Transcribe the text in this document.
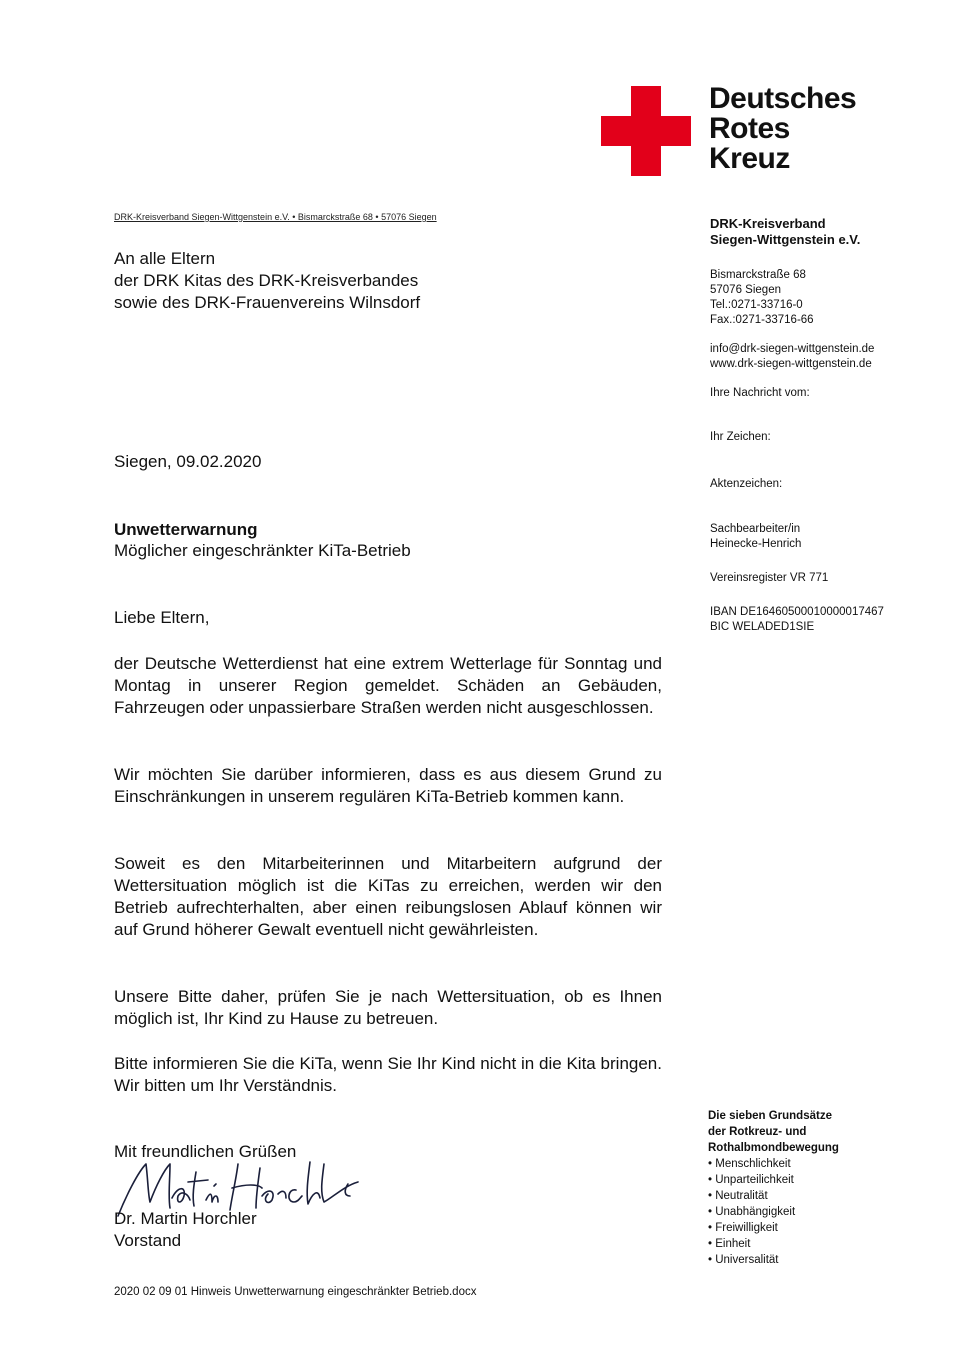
Deutsches
Rotes
Kreuz
DRK-Kreisverband Siegen-Wittgenstein e.V. • Bismarckstraße 68 • 57076 Siegen
An alle Eltern
der DRK Kitas des DRK-Kreisverbandes
sowie des DRK-Frauenvereins Wilnsdorf
DRK-Kreisverband
Siegen-Wittgenstein e.V.
Bismarckstraße 68
57076 Siegen
Tel.:0271-33716-0
Fax.:0271-33716-66
info@drk-siegen-wittgenstein.de
www.drk-siegen-wittgenstein.de
Ihre Nachricht vom:
Ihr Zeichen:
Aktenzeichen:
Sachbearbeiter/in
Heinecke-Henrich
Vereinsregister VR 771
IBAN DE16460500010000017467
BIC WELADED1SIE
Siegen, 09.02.2020
Unwetterwarnung
Möglicher eingeschränkter KiTa-Betrieb
Liebe Eltern,
der Deutsche Wetterdienst hat eine extrem Wetterlage für Sonntag und Montag in unserer Region gemeldet. Schäden an Gebäuden, Fahrzeugen oder unpassierbare Straßen werden nicht ausgeschlossen.
Wir möchten Sie darüber informieren, dass es aus diesem Grund zu Einschränkungen in unserem regulären KiTa-Betrieb kommen kann.
Soweit es den Mitarbeiterinnen und Mitarbeitern aufgrund der Wettersituation möglich ist die KiTas zu erreichen, werden wir den Betrieb aufrechterhalten, aber einen reibungslosen Ablauf können wir auf Grund höherer Gewalt eventuell nicht gewährleisten.
Unsere Bitte daher, prüfen Sie je nach Wettersituation, ob es Ihnen möglich ist, Ihr Kind zu Hause zu betreuen.
Bitte informieren Sie die KiTa, wenn Sie Ihr Kind nicht in die Kita bringen. Wir bitten um Ihr Verständnis.
Mit freundlichen Grüßen
Dr. Martin Horchler
Vorstand
2020 02 09 01 Hinweis Unwetterwarnung eingeschränkter Betrieb.docx
Die sieben Grundsätze
der Rotkreuz- und
Rothalbmondbewegung
• Menschlichkeit
• Unparteilichkeit
• Neutralität
• Unabhängigkeit
• Freiwilligkeit
• Einheit
• Universalität
